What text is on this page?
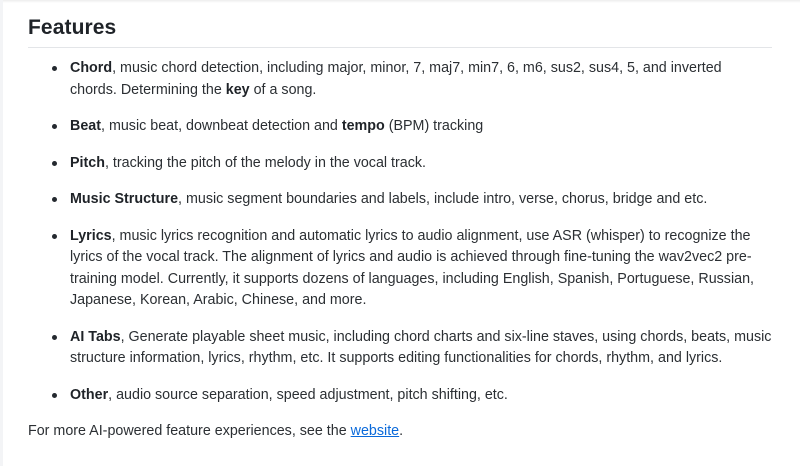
Features
Chord, music chord detection, including major, minor, 7, maj7, min7, 6, m6, sus2, sus4, 5, and inverted chords. Determining the key of a song.
Beat, music beat, downbeat detection and tempo (BPM) tracking
Pitch, tracking the pitch of the melody in the vocal track.
Music Structure, music segment boundaries and labels, include intro, verse, chorus, bridge and etc.
Lyrics, music lyrics recognition and automatic lyrics to audio alignment, use ASR (whisper) to recognize the lyrics of the vocal track. The alignment of lyrics and audio is achieved through fine-tuning the wav2vec2 pre-training model. Currently, it supports dozens of languages, including English, Spanish, Portuguese, Russian, Japanese, Korean, Arabic, Chinese, and more.
AI Tabs, Generate playable sheet music, including chord charts and six-line staves, using chords, beats, music structure information, lyrics, rhythm, etc. It supports editing functionalities for chords, rhythm, and lyrics.
Other, audio source separation, speed adjustment, pitch shifting, etc.

For more AI-powered feature experiences, see the website.
